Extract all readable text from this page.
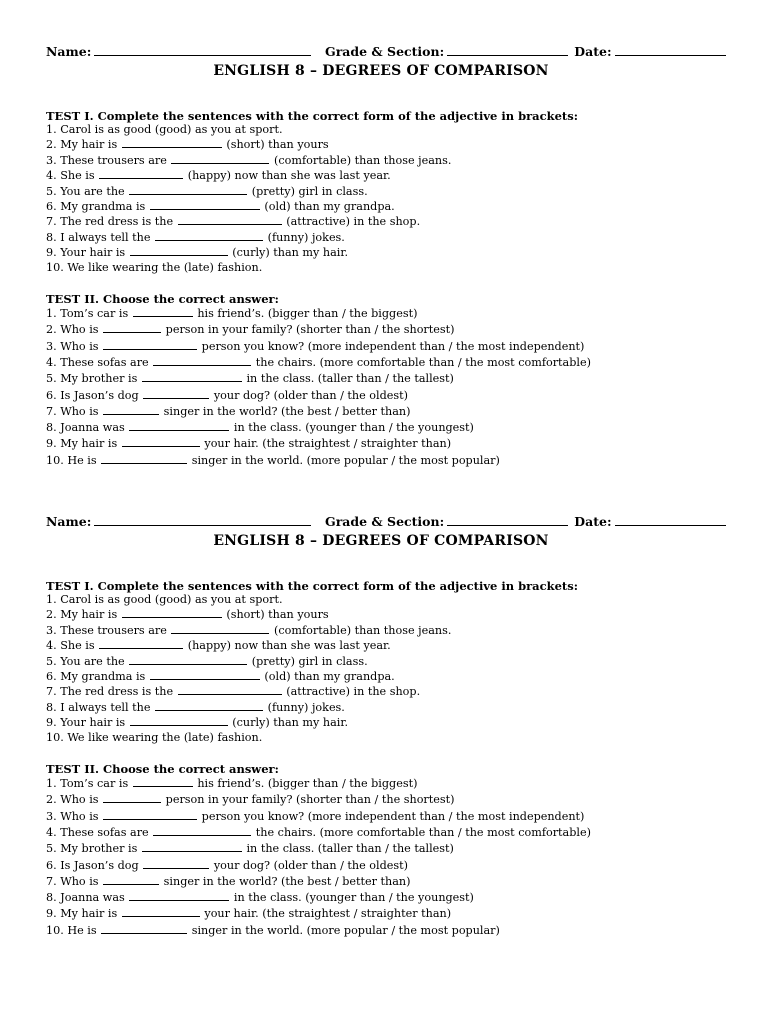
Name:	Grade & Section:	Date:
ENGLISH 8 – DEGREES OF COMPARISON
TEST I. Complete the sentences with the correct form of the adjective in brackets:
1. Carol is as good (good) as you at sport.
2. My hair is	(short) than yours
3. These trousers are	(comfortable) than those jeans.
4. She is	(happy) now than she was last year.
5. You are the	(pretty) girl in class.
6. My grandma is	(old) than my grandpa.
7. The red dress is the	(attractive) in the shop.
8. I always tell the	(funny) jokes.
9. Your hair is	(curly) than my hair.
10. We like wearing the (late) fashion.
TEST II. Choose the correct answer:
1. Tom’s car is	his friend’s. (bigger than / the biggest)
2. Who is	person in your family? (shorter than / the shortest)
3. Who is	person you know? (more independent than / the most independent)
4. These sofas are	the chairs. (more comfortable than / the most comfortable)
5. My brother is	in the class. (taller than / the tallest)
6. Is Jason’s dog	your dog? (older than / the oldest)
7. Who is	singer in the world? (the best / better than)
8. Joanna was	in the class. (younger than / the youngest)
9. My hair is	your hair. (the straightest / straighter than)
10. He is	singer in the world. (more popular / the most popular)
Name:	Grade & Section:	Date:
ENGLISH 8 – DEGREES OF COMPARISON
TEST I. Complete the sentences with the correct form of the adjective in brackets:
1. Carol is as good (good) as you at sport.
2. My hair is	(short) than yours
3. These trousers are	(comfortable) than those jeans.
4. She is	(happy) now than she was last year.
5. You are the	(pretty) girl in class.
6. My grandma is	(old) than my grandpa.
7. The red dress is the	(attractive) in the shop.
8. I always tell the	(funny) jokes.
9. Your hair is	(curly) than my hair.
10. We like wearing the (late) fashion.
TEST II. Choose the correct answer:
1. Tom’s car is	his friend’s. (bigger than / the biggest)
2. Who is	person in your family? (shorter than / the shortest)
3. Who is	person you know? (more independent than / the most independent)
4. These sofas are	the chairs. (more comfortable than / the most comfortable)
5. My brother is	in the class. (taller than / the tallest)
6. Is Jason’s dog	your dog? (older than / the oldest)
7. Who is	singer in the world? (the best / better than)
8. Joanna was	in the class. (younger than / the youngest)
9. My hair is	your hair. (the straightest / straighter than)
10. He is	singer in the world. (more popular / the most popular)
